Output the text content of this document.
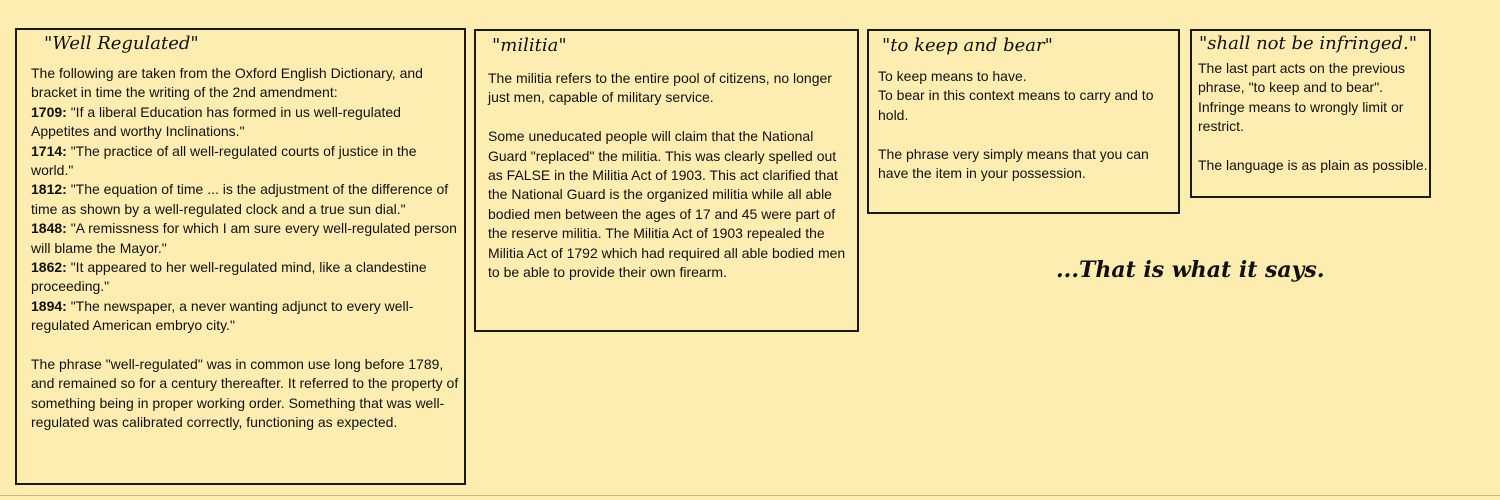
"Well Regulated"	"militia"	"to keep and bear"	"shall not be infringed."

The following are taken from the Oxford English Dictionary, and bracket in time the writing of the 2nd amendment:

1709: "If a liberal Education has formed in us well-regulated Appetites and worthy Inclinations."

1714: "The practice of all well-regulated courts of justice in the world."

1812: "The equation of time ... is the adjustment of the difference of time as shown by a well-regulated clock and a true sun dial."

1848: "A remissness for which I am sure every well-regulated person will blame the Mayor."

1862: "It appeared to her well-regulated mind, like a clandestine proceeding."

1894: "The newspaper, a never wanting adjunct to every well-regulated American embryo city."

The phrase "well-regulated" was in common use long before 1789, and remained so for a century thereafter. It referred to the property of something being in proper working order. Something that was well-regulated was calibrated correctly, functioning as expected.

The militia refers to the entire pool of citizens, no longer just men, capable of military service.

Some uneducated people will claim that the National Guard "replaced" the militia. This was clearly spelled out as FALSE in the Militia Act of 1903. This act clarified that the National Guard is the organized militia while all able bodied men between the ages of 17 and 45 were part of the reserve militia. The Militia Act of 1903 repealed the Militia Act of 1792 which had required all able bodied men to be able to provide their own firearm.

To keep means to have.

To bear in this context means to carry and to hold.

The phrase very simply means that you can have the item in your possession.

The last part acts on the previous phrase, "to keep and to bear". Infringe means to wrongly limit or restrict.

The language is as plain as possible.

...That is what it says.
